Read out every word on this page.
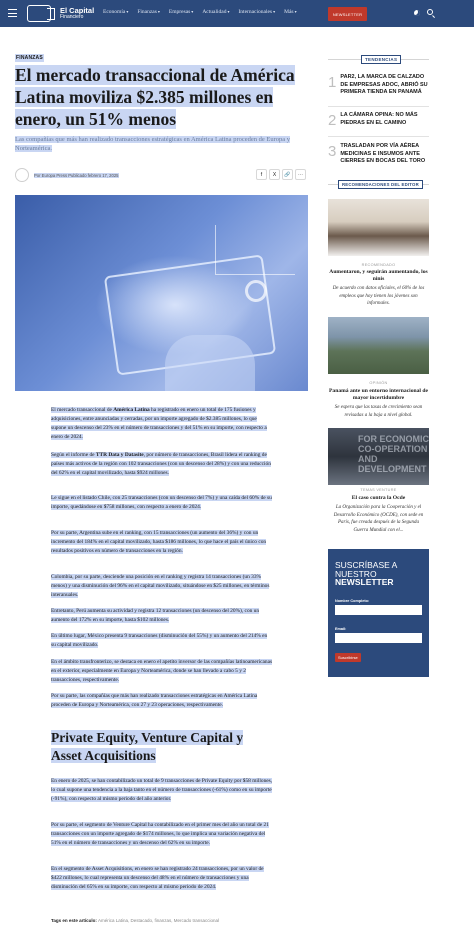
El Capital
Financiero
Economía ▾	Finanzas ▾	Empresas ▾	Actualidad ▾	Internacionales ▾	Más ▾	NEWSLETTER
FINANZAS
El mercado transaccional de América Latina moviliza $2.385 millones en enero, un 51% menos

Las compañías que más han realizado transacciones estratégicas en América Latina proceden de Europa y Norteamérica.

Por Europa Press Publicado febrero 17, 2025	f	X	🔗	⋯

El mercado transaccional de América Latina ha registrado en enero un total de 175 fusiones y adquisiciones, entre anunciadas y cerradas, por un importe agregado de $2.385 millones, lo que supone un descenso del 23% en el número de transacciones y del 51% en su importe, con respecto a enero de 2024.

Según el informe de TTR Data y Datasite, por número de transacciones, Brasil lidera el ranking de países más activos de la región con 102 transacciones (con un descenso del 28%) y con una reducción del 62% en el capital movilizado, hasta $924 millones.

Le sigue en el listado Chile, con 25 transacciones (con un descenso del 7%) y una caída del 60% de su importe, quedándose en $758 millones, con respecto a enero de 2024.

Por su parte, Argentina sube en el ranking, con 15 transacciones (un aumento del 36%) y con un incremento del 184% en el capital movilizado, hasta $186 millones, lo que hace el país el único con resultados positivos en número de transacciones en la región.

Colombia, por su parte, desciende una posición en el ranking y registra 14 transacciones (un 33% menos) y una disminución del 96% en el capital movilizado, situándose en $25 millones, en términos interanuales.

Entretanto, Perú aumenta su actividad y registra 12 transacciones (un descenso del 20%), con un aumento del 172% en su importe, hasta $102 millones.

En último lugar, México presenta 9 transacciones (disminución del 55%) y un aumento del 214% en su capital movilizado.

En el ámbito transfronterizo, se destaca en enero el apetito inversor de las compañías latinoamericanas en el exterior, especialmente en Europa y Norteamérica, donde se han llevado a cabo 5 y 2 transacciones, respectivamente.

Por su parte, las compañías que más han realizado transacciones estratégicas en América Latina proceden de Europa y Norteamérica, con 27 y 23 operaciones, respectivamente.

Private Equity, Venture Capital y Asset Acquisitions

En enero de 2025, se han contabilizado un total de 9 transacciones de Private Equity por $58 millones, lo cual supone una tendencia a la baja tanto en el número de transacciones (-61%) como en su importe (-91%), con respecto al mismo periodo del año anterior.

Por su parte, el segmento de Venture Capital ha contabilizado en el primer mes del año un total de 21 transacciones con un importe agregado de $174 millones, lo que implica una variación negativa del 51% en el número de transacciones y un descenso del 62% en su importe.

En el segmento de Asset Acquisitions, en enero se han registrado 24 transacciones, por un valor de $422 millones, lo cual representa un descenso del 48% en el número de transacciones y una disminución del 65% en su importe, con respecto al mismo periodo de 2024.

Tags en este artículo: América Latina, Destacado, finanzas, Mercado transaccional
TENDENCIAS
1 PAR2, LA MARCA DE CALZADO DE EMPRESAS ADOC, ABRIÓ SU PRIMERA TIENDA EN PANAMÁ
2 LA CÁMARA OPINA: NO MÁS PIEDRAS EN EL CAMINO
3 TRASLADAN POR VÍA AÉREA MEDICINAS E INSUMOS ANTE CIERRES EN BOCAS DEL TORO
RECOMENDACIONES DEL EDITOR
RECOMENDADO
Aumentaron, y seguirán aumentando, los ninis
De acuerdo con datos oficiales, el 60% de los empleos que hoy tienen los jóvenes son informales.
OPINIÓN
Panamá ante un entorno internacional de mayor incertidumbre
Se espera que las tasas de crecimiento sean revisadas a la baja a nivel global.
FOR ECONOMIC
CO-OPERATION
AND DEVELOPMENT
TEMAS VENTURE
El caso contra la Ocde
La Organización para la Cooperación y el Desarrollo Económico (OCDE), con sede en París, fue creada después de la Segunda Guerra Mundial con el...
SUSCRÍBASE A
NUESTRO NEWSLETTER
Nombre Completo:
Email:
Suscribirse
